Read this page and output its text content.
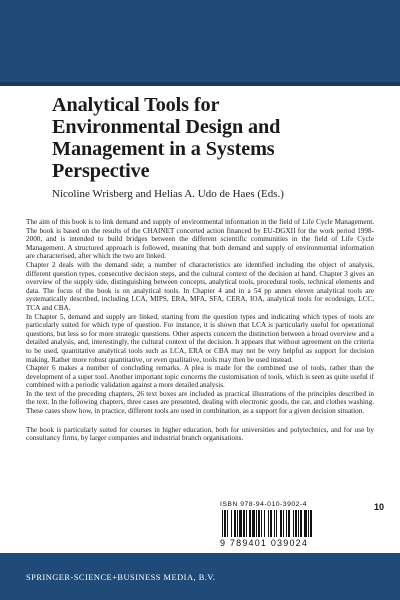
Analytical Tools for
Environmental Design and
Management in a Systems
Perspective
Nicoline Wrisberg and Helias A. Udo de Haes (Eds.)

The aim of this book is to link demand and supply of environmental information in the field of Life Cycle Management. The book is based on the results of the CHAINET concerted action financed by EU-DGXII for the work period 1998-2000, and is intended to build bridges between the different scientific communities in the field of Life Cycle Management. A structured approach is followed, meaning that both demand and supply of environmental information are characterised, after which the two are linked.

Chapter 2 deals with the demand side; a number of characteristics are identified including the object of analysis, different question types, consecutive decision steps, and the cultural context of the decision at hand. Chapter 3 gives an overview of the supply side, distinguishing between concepts, analytical tools, procedural tools, technical elements and data. The focus of the book is on analytical tools. In Chapter 4 and in a 54 pp annex eleven analytical tools are systematically described, including LCA, MIPS, ERA, MFA, SFA, CERA, IOA, analytical tools for ecodesign, LCC, TCA and CBA.

In Chapter 5, demand and supply are linked, starting from the question types and indicating which types of tools are particularly suited for which type of question. For instance, it is shown that LCA is particularly useful for operational questions, but less so for more strategic questions. Other aspects concern the distinction between a broad overview and a detailed analysis, and, interestingly, the cultural context of the decision. It appears that without agreement on the criteria to be used, quantitative analytical tools such as LCA, ERA or CBA may not be very helpful as support for decision making. Rather more robust quantitative, or even qualitative, tools may then be used instead.

Chapter 6 makes a number of concluding remarks. A plea is made for the combined use of tools, rather than the development of a super tool. Another important topic concerns the customisation of tools, which is seen as quite useful if combined with a periodic validation against a more detailed analysis.

In the text of the preceding chapters, 26 text boxes are included as practical illustrations of the principles described in the text. In the following chapters, three cases are presented, dealing with electronic goods, the car, and clothes washing. These cases show how, in practice, different tools are used in combination, as a support for a given decision situation.

The book is particularly suited for courses in higher education, both for universities and polytechnics, and for use by consultancy firms, by larger companies and industrial branch organisations.
ISBN 978-94-010-3902-4	10
9 789401 039024
SPRINGER-SCIENCE+BUSINESS MEDIA, B.V.
